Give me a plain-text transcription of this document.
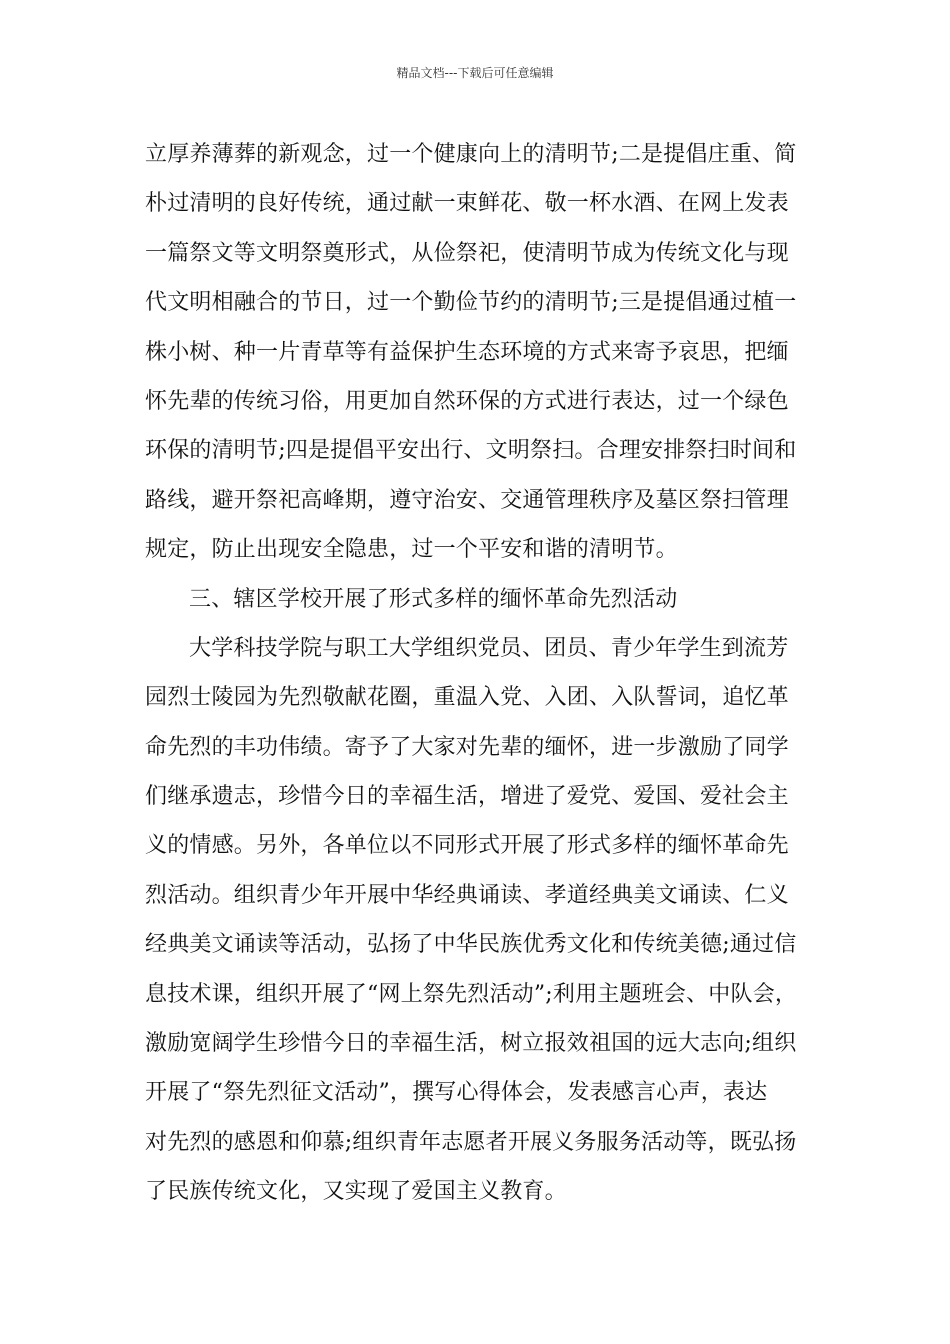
精品文档---下载后可任意编辑
立厚养薄葬的新观念，过一个健康向上的清明节;二是提倡庄重、简
朴过清明的良好传统，通过献一束鲜花、敬一杯水酒、在网上发表
一篇祭文等文明祭奠形式，从俭祭祀，使清明节成为传统文化与现
代文明相融合的节日，过一个勤俭节约的清明节;三是提倡通过植一
株小树、种一片青草等有益保护生态环境的方式来寄予哀思，把缅
怀先辈的传统习俗，用更加自然环保的方式进行表达，过一个绿色
环保的清明节;四是提倡平安出行、文明祭扫。合理安排祭扫时间和
路线，避开祭祀高峰期，遵守治安、交通管理秩序及墓区祭扫管理
规定，防止出现安全隐患，过一个平安和谐的清明节。
三、辖区学校开展了形式多样的缅怀革命先烈活动
大学科技学院与职工大学组织党员、团员、青少年学生到流芳
园烈士陵园为先烈敬献花圈，重温入党、入团、入队誓词，追忆革
命先烈的丰功伟绩。寄予了大家对先辈的缅怀，进一步激励了同学
们继承遗志，珍惜今日的幸福生活，增进了爱党、爱国、爱社会主
义的情感。另外，各单位以不同形式开展了形式多样的缅怀革命先
烈活动。组织青少年开展中华经典诵读、孝道经典美文诵读、仁义
经典美文诵读等活动，弘扬了中华民族优秀文化和传统美德;通过信
息技术课，组织开展了“网上祭先烈活动”;利用主题班会、中队会，
激励宽阔学生珍惜今日的幸福生活，树立报效祖国的远大志向;组织
开展了“祭先烈征文活动”，撰写心得体会，发表感言心声，表达
对先烈的感恩和仰慕;组织青年志愿者开展义务服务活动等，既弘扬
了民族传统文化，又实现了爱国主义教育。
